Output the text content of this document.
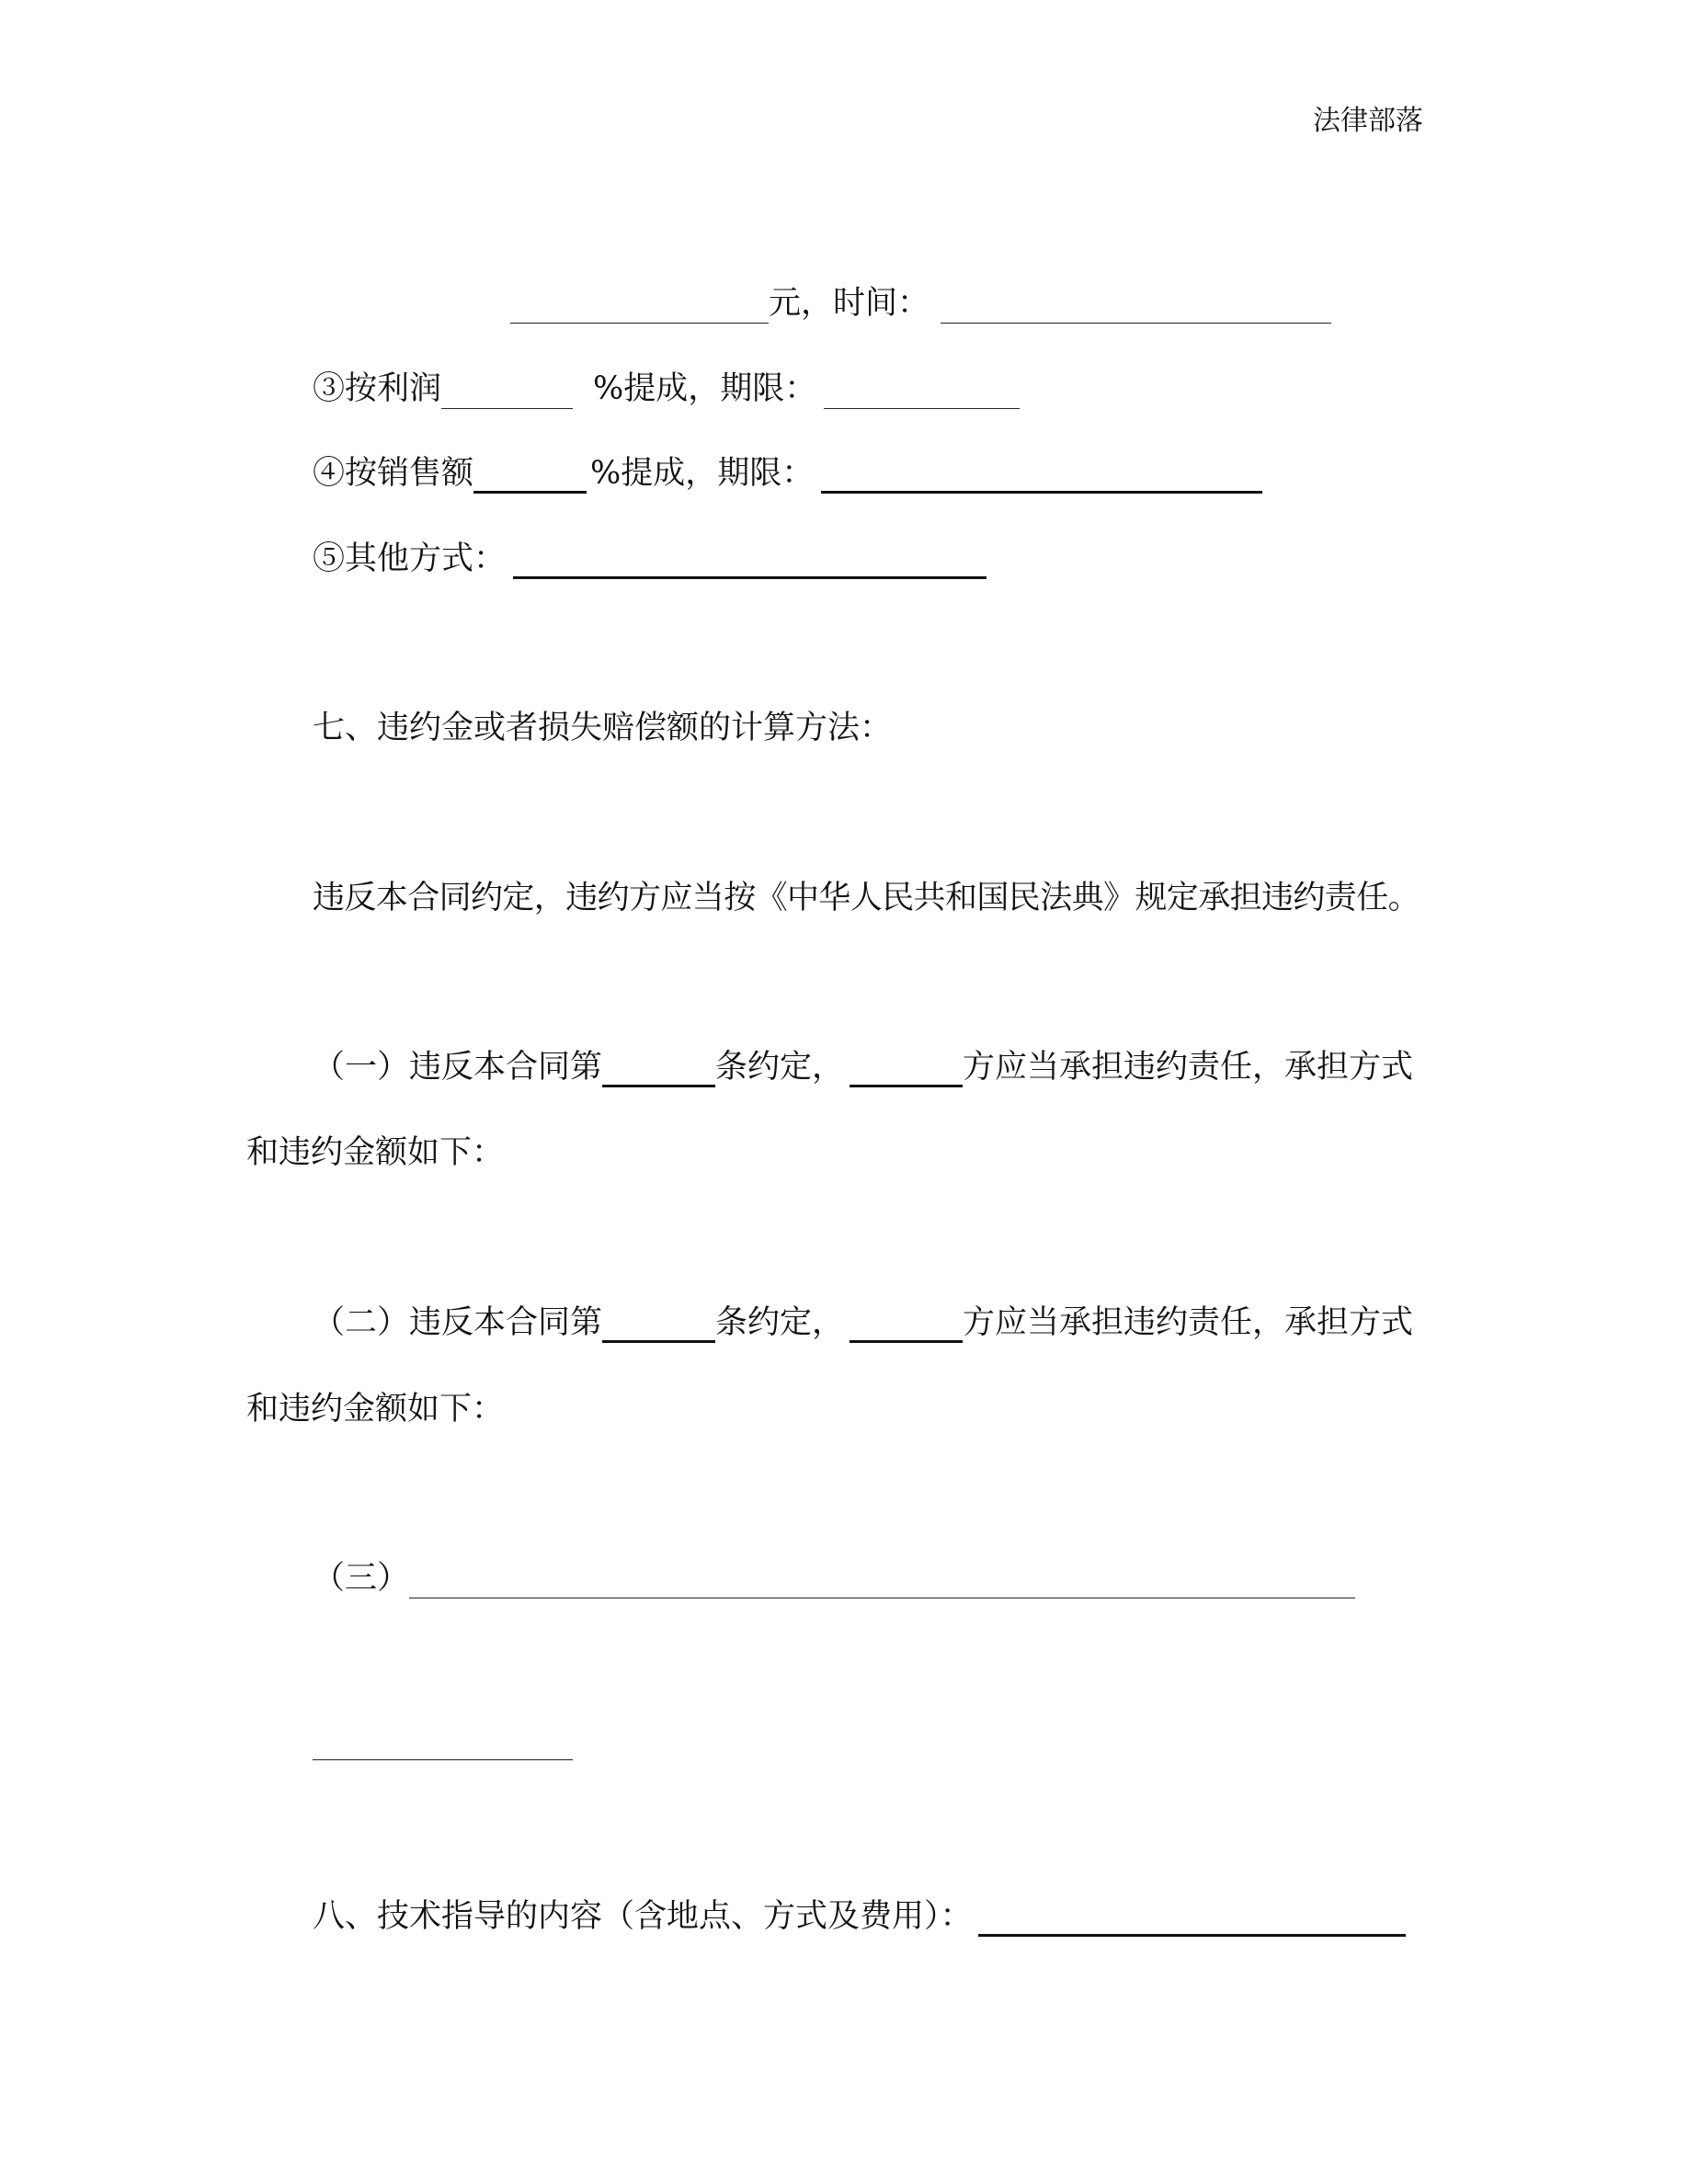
法律部落
元，时间：
③按利润	%提成，期限：
④按销售额	%提成，期限：
⑤其他方式：
七、违约金或者损失赔偿额的计算方法：
违反本合同约定，违约方应当按《中华人民共和国民法典》规定承担违约责任。
（一）违反本合同第	条约定，	方应当承担违约责任，承担方式
和违约金额如下：
（二）违反本合同第	条约定，	方应当承担违约责任，承担方式
和违约金额如下：
（三）
八、技术指导的内容（含地点、方式及费用）：
